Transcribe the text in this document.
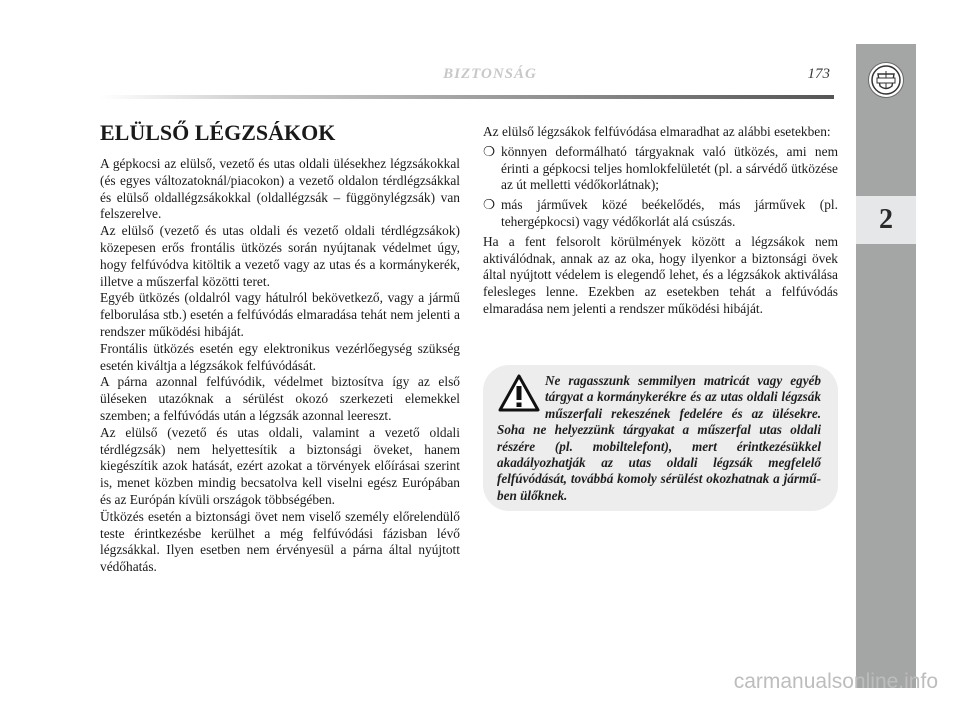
BIZTONSÁG	173
2
ELÜLSŐ LÉGZSÁKOK

A gépkocsi az elülső, vezető és utas oldali ülésekhez légzsákokkal (és egyes változatoknál/piacokon) a vezető oldalon térdlégzsákkal és elülső oldallégzsákokkal (oldallégzsák – függönylégzsák) van felszerelve.

Az elülső (vezető és utas oldali és vezető oldali térdlégzsákok) közepesen erős frontális ütközés során nyújtanak védelmet úgy, hogy felfúvódva kitöltik a vezető vagy az utas és a kormánykerék, illetve a műszerfal közötti teret.

Egyéb ütközés (oldalról vagy hátulról bekövetkező, vagy a jármű felborulása stb.) esetén a felfúvódás elmaradása tehát nem jelenti a rendszer működési hibáját.

Frontális ütközés esetén egy elektronikus vezérlőegység szükség esetén kiváltja a légzsákok felfúvódását.

A párna azonnal felfúvódik, védelmet biztosítva így az első üléseken utazóknak a sérülést okozó szerkezeti elemekkel szemben; a felfúvódás után a légzsák azonnal leereszt.

Az elülső (vezető és utas oldali, valamint a vezető oldali térdlégzsák) nem helyettesítik a biztonsági öveket, hanem kiegészítik azok hatását, ezért azokat a törvények előírásai szerint is, menet közben mindig becsatolva kell viselni egész Európában és az Európán kívüli országok többségében.

Ütközés esetén a biztonsági övet nem viselő személy előrelendülő teste érintkezésbe kerülhet a még felfúvódási fázisban lévő légzsákkal. Ilyen esetben nem érvényesül a párna által nyújtott védőhatás.

Az elülső légzsákok felfúvódása elmaradhat az alábbi esetekben:

❍ könnyen deformálható tárgyaknak való ütközés, ami nem érinti a gépkocsi teljes homlokfelületét (pl. a sárvédő ütközése az út melletti védőkorlátnak);
❍ más járművek közé beékelődés, más járművek (pl. tehergépkocsi) vagy védőkorlát alá csúszás.

Ha a fent felsorolt körülmények között a légzsákok nem aktiválódnak, annak az az oka, hogy ilyenkor a biztonsági övek által nyújtott védelem is elegendő lehet, és a légzsákok aktiválása felesleges lenne. Ezekben az esetekben tehát a felfúvódás elmaradása nem jelenti a rendszer működési hibáját.

Ne ragasszunk semmilyen matricát vagy egyéb tárgyat a kormánykerékre és az utas oldali légzsák műszerfali rekeszének fedelére és az ülésekre. Soha ne helyezzünk tárgyakat a műszerfal utas oldali részére (pl. mobiltelefont), mert érintkezésükkel akadályozhatják az utas oldali légzsák megfelelő felfúvódását, továbbá komoly sérülést okozhatnak a jármű-ben ülőknek.
carmanualsonline.info
